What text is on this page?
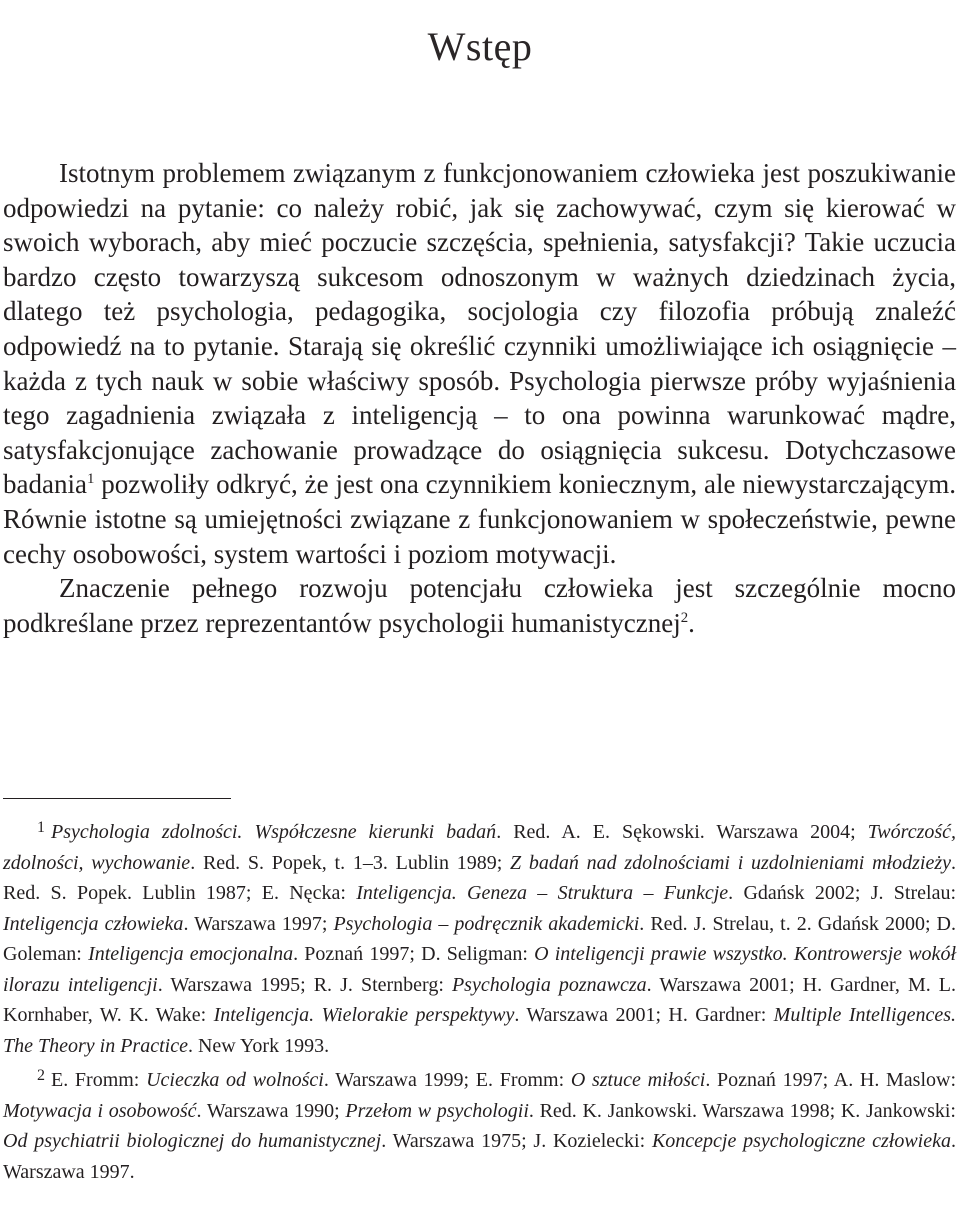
Wstęp

Istotnym problemem związanym z funkcjonowaniem człowieka jest poszukiwanie odpowiedzi na pytanie: co należy robić, jak się zachowywać, czym się kierować w swoich wyborach, aby mieć poczucie szczęścia, spełnienia, satysfakcji? Takie uczucia bardzo często towarzyszą sukcesom odnoszonym w ważnych dziedzinach życia, dlatego też psychologia, pedagogika, socjologia czy filozofia próbują znaleźć odpowiedź na to pytanie. Starają się określić czynniki umożliwiające ich osiągnięcie – każda z tych nauk w sobie właściwy sposób. Psychologia pierwsze próby wyjaśnienia tego zagadnienia związała z inteligencją – to ona powinna warunkować mądre, satysfakcjonujące zachowanie prowadzące do osiągnięcia sukcesu. Dotychczasowe badania$^1$ pozwoliły odkryć, że jest ona czynnikiem koniecznym, ale niewystarczającym. Równie istotne są umiejętności związane z funkcjonowaniem w społeczeństwie, pewne cechy osobowości, system wartości i poziom motywacji.

Znaczenie pełnego rozwoju potencjału człowieka jest szczególnie mocno podkreślane przez reprezentantów psychologii humanistycznej$^2$.

$^1$ Psychologia zdolności. Współczesne kierunki badań. Red. A. E. Sękowski. Warszawa 2004; Twórczość, zdolności, wychowanie. Red. S. Popek, t. 1–3. Lublin 1989; Z badań nad zdolnościami i uzdolnieniami młodzieży. Red. S. Popek. Lublin 1987; E. Nęcka: Inteligencja. Geneza – Struktura – Funkcje. Gdańsk 2002; J. Strelau: Inteligencja człowieka. Warszawa 1997; Psychologia – podręcznik akademicki. Red. J. Strelau, t. 2. Gdańsk 2000; D. Goleman: Inteligencja emocjonalna. Poznań 1997; D. Seligman: O inteligencji prawie wszystko. Kontrowersje wokół ilorazu inteligencji. Warszawa 1995; R. J. Sternberg: Psychologia poznawcza. Warszawa 2001; H. Gardner, M. L. Kornhaber, W. K. Wake: Inteligencja. Wielorakie perspektywy. Warszawa 2001; H. Gardner: Multiple Intelligences. The Theory in Practice. New York 1993.

$^2$ E. Fromm: Ucieczka od wolności. Warszawa 1999; E. Fromm: O sztuce miłości. Poznań 1997; A. H. Maslow: Motywacja i osobowość. Warszawa 1990; Przełom w psychologii. Red. K. Jankowski. Warszawa 1998; K. Jankowski: Od psychiatrii biologicznej do humanistycznej. Warszawa 1975; J. Kozielecki: Koncepcje psychologiczne człowieka. Warszawa 1997.
